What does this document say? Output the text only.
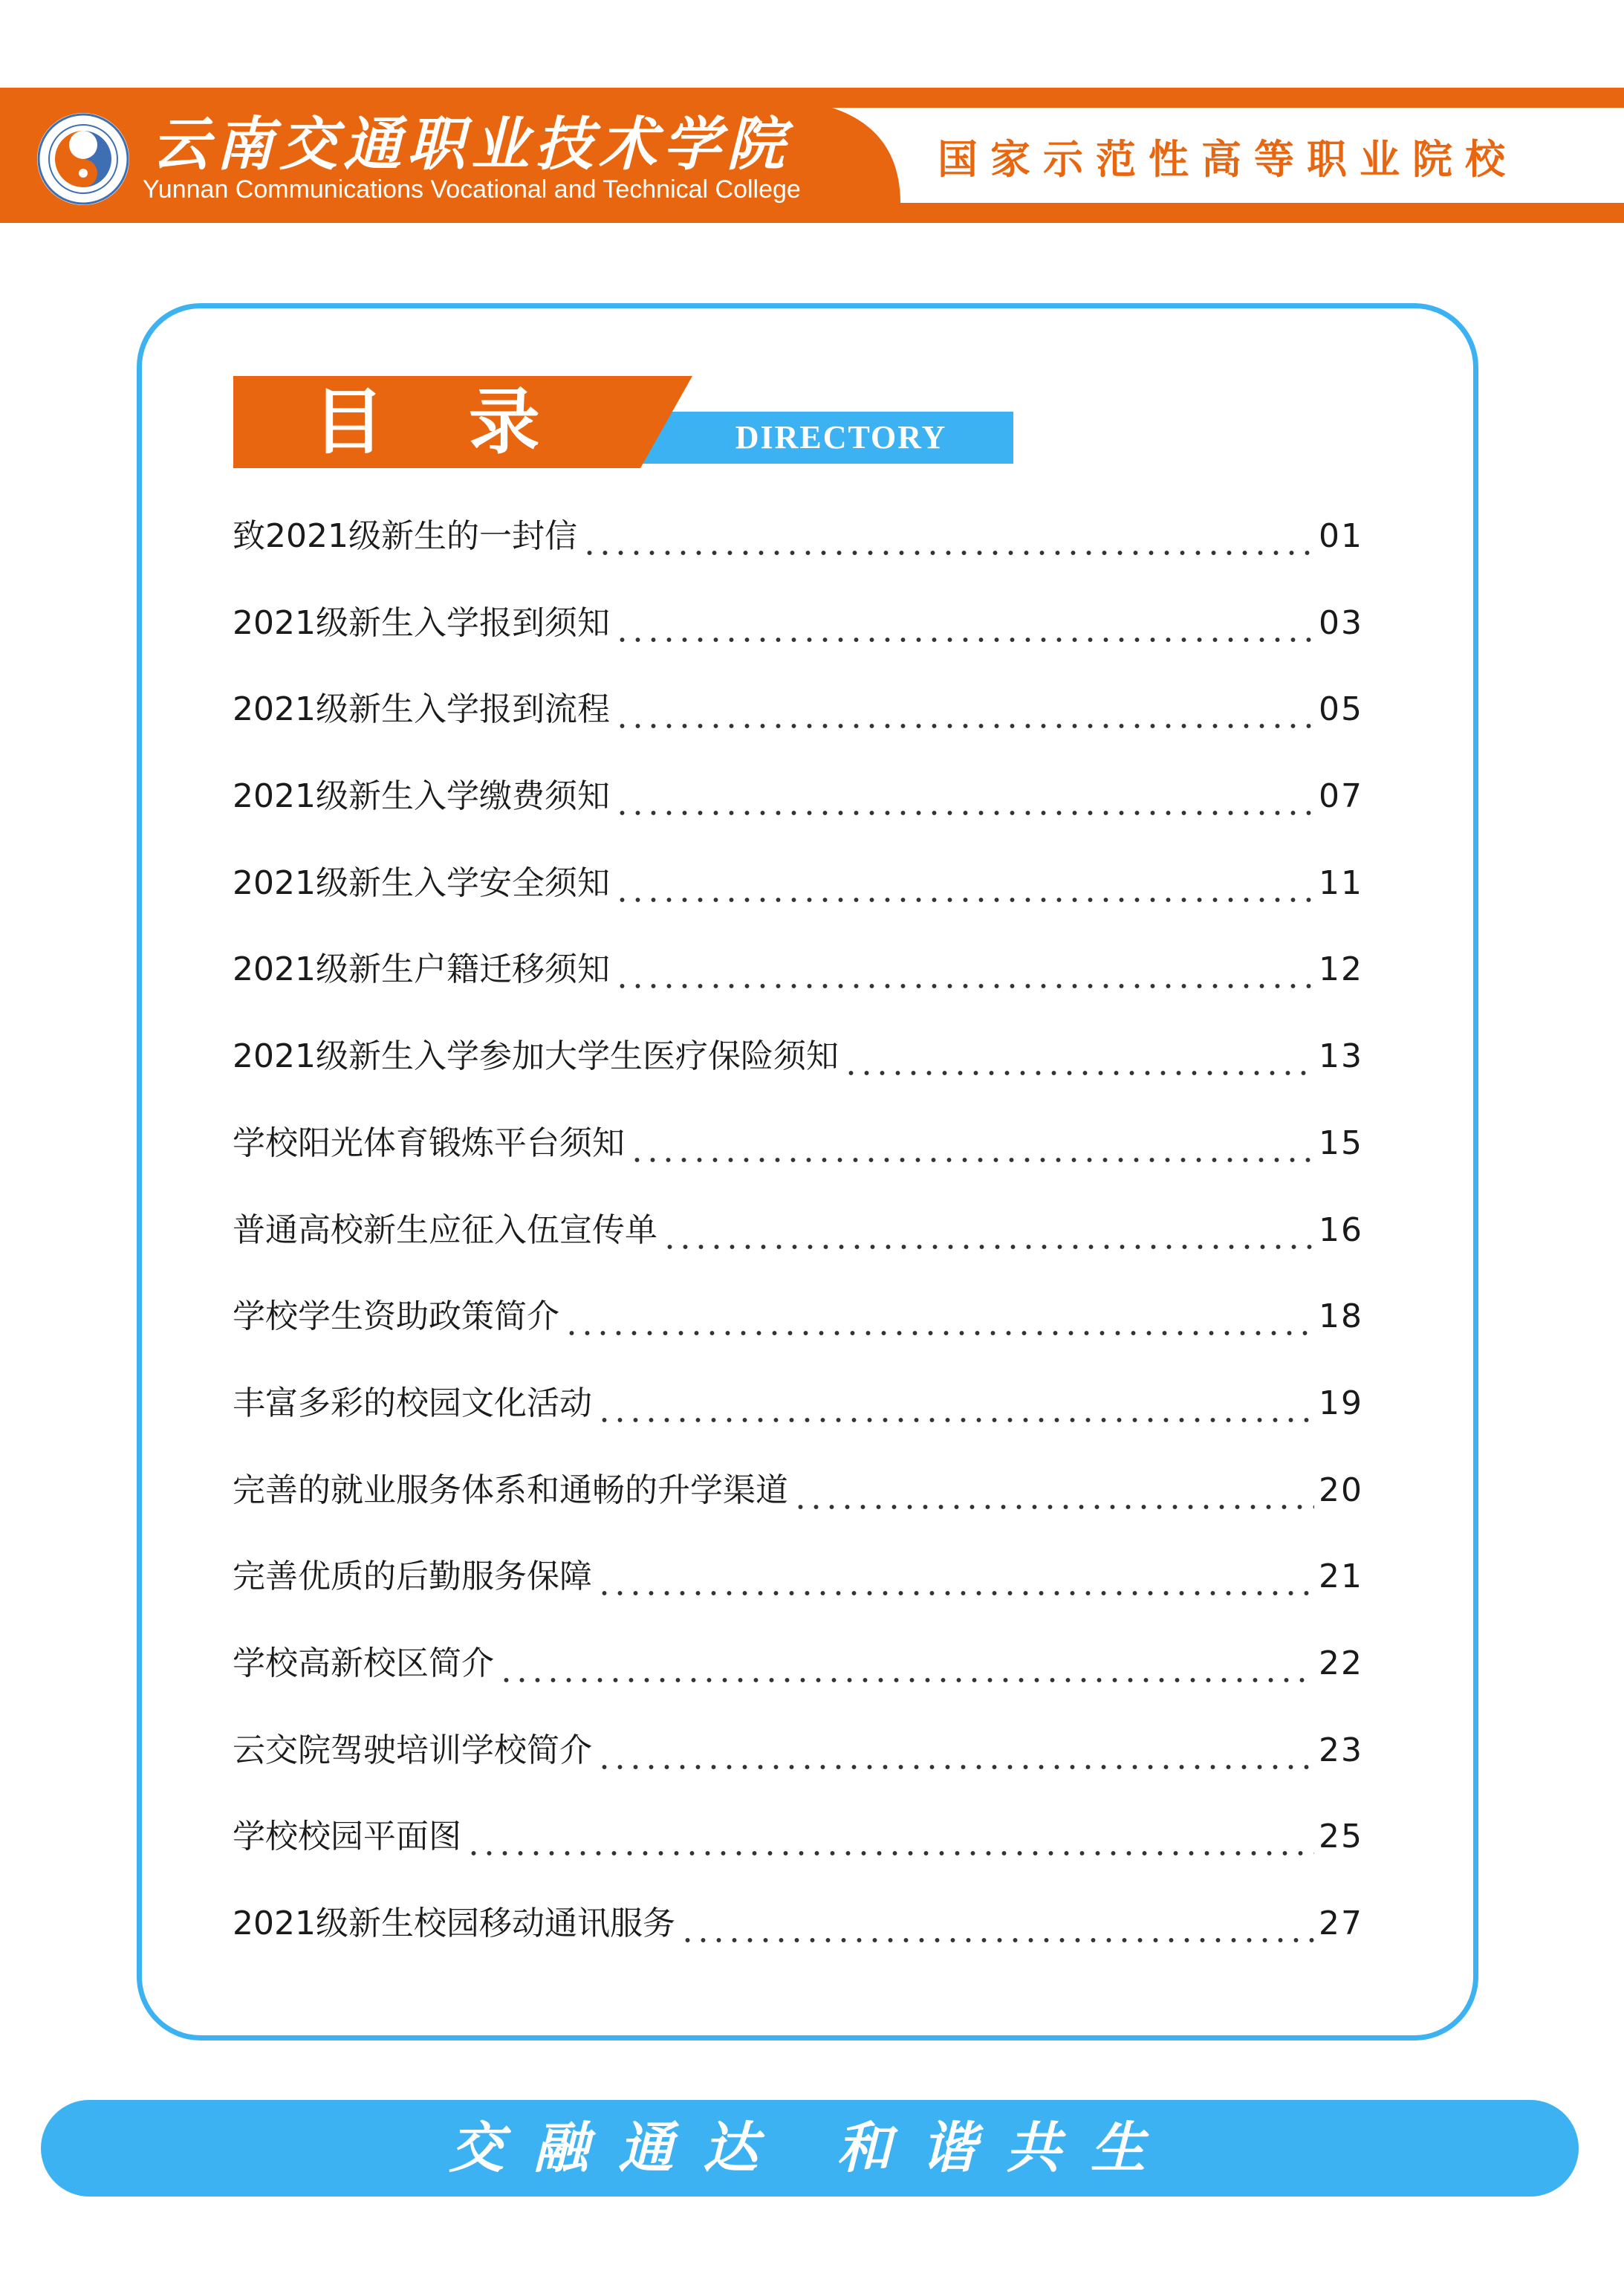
云南交通职业技术学院
Yunnan Communications Vocational and Technical College
国家示范性高等职业院校
DIRECTORY
目 录
致2021级新生的一封信	01
2021级新生入学报到须知	03
2021级新生入学报到流程	05
2021级新生入学缴费须知	07
2021级新生入学安全须知	11
2021级新生户籍迁移须知	12
2021级新生入学参加大学生医疗保险须知	13
学校阳光体育锻炼平台须知	15
普通高校新生应征入伍宣传单	16
学校学生资助政策简介	18
丰富多彩的校园文化活动	19
完善的就业服务体系和通畅的升学渠道	20
完善优质的后勤服务保障	21
学校高新校区简介	22
云交院驾驶培训学校简介	23
学校校园平面图	25
2021级新生校园移动通讯服务	27
交融通达 和谐共生
